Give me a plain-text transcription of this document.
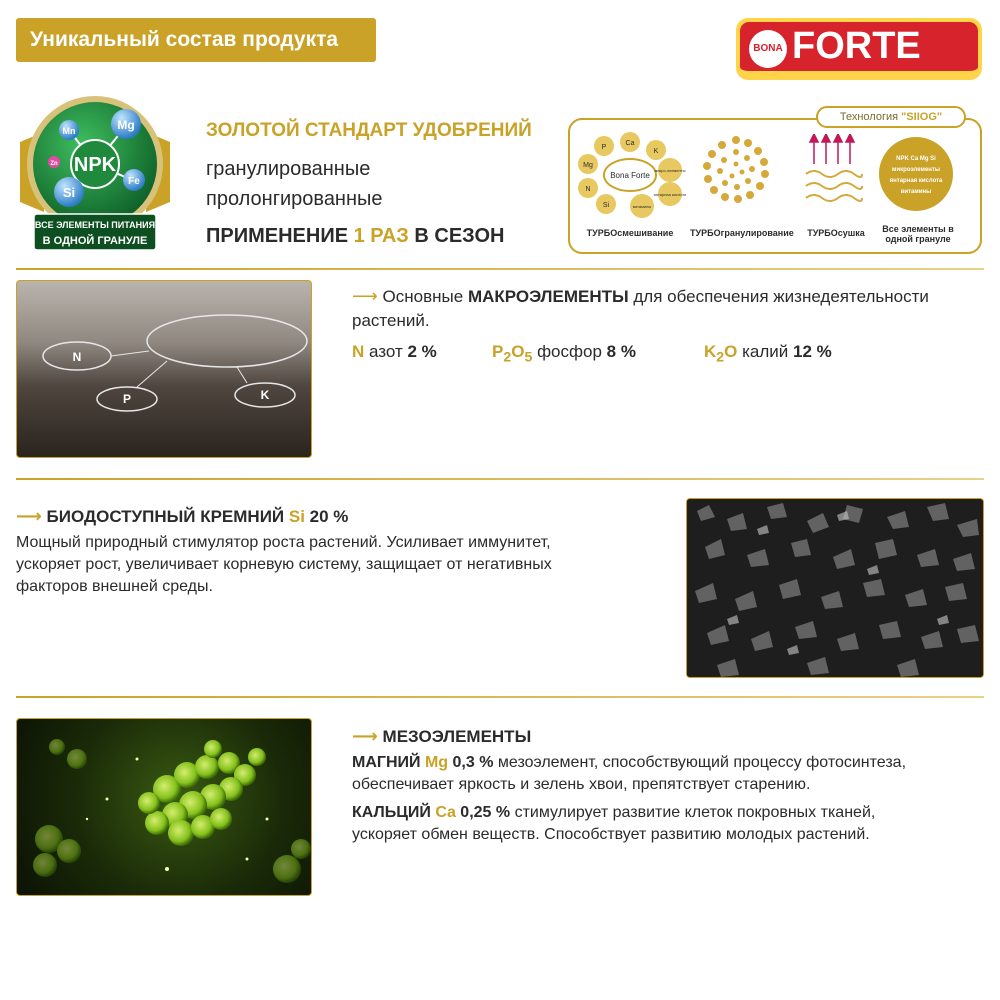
Уникальный состав продукта	BONA FORTE
NPK
Mg
Si
Fe
Mn
Zn
ВСЕ ЭЛЕМЕНТЫ ПИТАНИЯ
В ОДНОЙ ГРАНУЛЕ
ЗОЛОТОЙ СТАНДАРТ УДОБРЕНИЙ
гранулированные
пролонгированные
ПРИМЕНЕНИЕ 1 РАЗ В СЕЗОН
Технология "SIIOG"
Bona Forte
P
Ca
K
Mg
N
Si
микро-элементы
янтарная кислота
витамины
NPK Ca Mg Si
микроэлементы
янтарная кислота
витамины
ТУРБОсмешивание	ТУРБОгранулирование	ТУРБОсушка	Все элементы в одной грануле
N
P	K
⟶ Основные МАКРОЭЛЕМЕНТЫ для обеспечения жизнедеятельности
растений.
N азот 2 %	$P_2O_5$ фосфор 8 %	$K_2O$ калий 12 %
⟶ БИОДОСТУПНЫЙ КРЕМНИЙ Si 20 %
Мощный природный стимулятор роста растений. Усиливает иммунитет,
ускоряет рост, увеличивает корневую систему, защищает от негативных
факторов внешней среды.
⟶ МЕЗОЭЛЕМЕНТЫ
МАГНИЙ Mg 0,3 % мезоэлемент, способствующий процессу фотосинтеза,
обеспечивает яркость и зелень хвои, препятствует старению.
КАЛЬЦИЙ Ca 0,25 % стимулирует развитие клеток покровных тканей,
ускоряет обмен веществ. Способствует развитию молодых растений.
